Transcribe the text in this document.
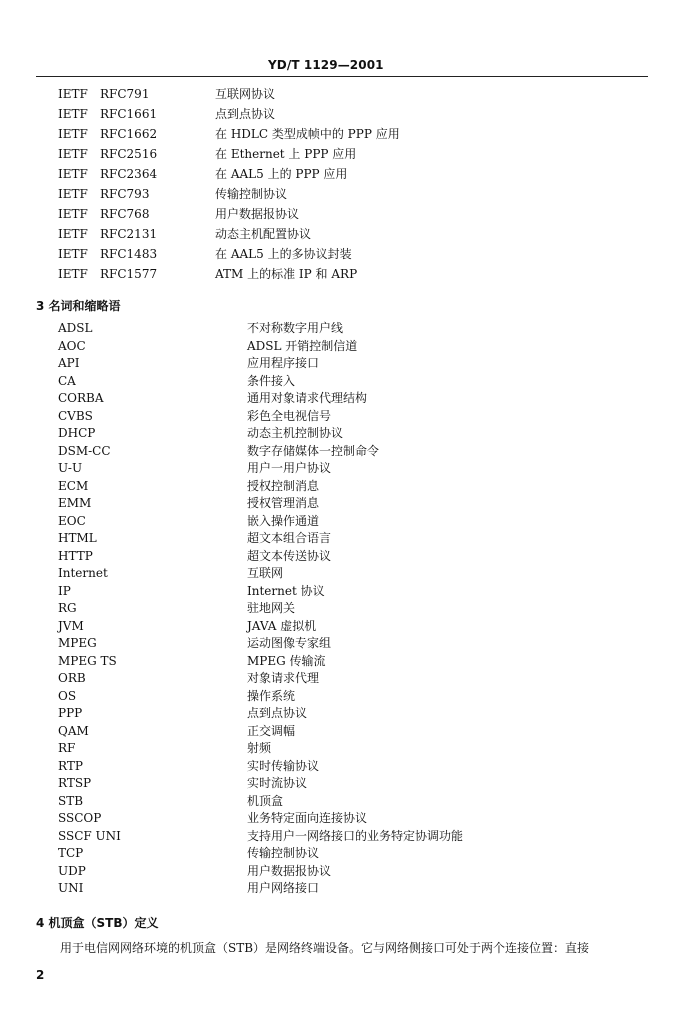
YD/T 1129—2001
IETF RFC791	互联网协议
IETF RFC1661	点到点协议
IETF RFC1662	在 HDLC 类型成帧中的 PPP 应用
IETF RFC2516	在 Ethernet 上 PPP 应用
IETF RFC2364	在 AAL5 上的 PPP 应用
IETF RFC793	传输控制协议
IETF RFC768	用户数据报协议
IETF RFC2131	动态主机配置协议
IETF RFC1483	在 AAL5 上的多协议封装
IETF RFC1577	ATM 上的标准 IP 和 ARP
3 名词和缩略语
ADSL	不对称数字用户线
AOC	ADSL 开销控制信道
API	应用程序接口
CA	条件接入
CORBA	通用对象请求代理结构
CVBS	彩色全电视信号
DHCP	动态主机控制协议
DSM-CC	数字存储媒体一控制命令
U-U	用户一用户协议
ECM	授权控制消息
EMM	授权管理消息
EOC	嵌入操作通道
HTML	超文本组合语言
HTTP	超文本传送协议
Internet	互联网
IP	Internet 协议
RG	驻地网关
JVM	JAVA 虚拟机
MPEG	运动图像专家组
MPEG TS	MPEG 传输流
ORB	对象请求代理
OS	操作系统
PPP	点到点协议
QAM	正交调幅
RF	射频
RTP	实时传输协议
RTSP	实时流协议
STB	机顶盒
SSCOP	业务特定面向连接协议
SSCF UNI	支持用户一网络接口的业务特定协调功能
TCP	传输控制协议
UDP	用户数据报协议
UNI	用户网络接口
4 机顶盒（STB）定义
用于电信网网络环境的机顶盒（STB）是网络终端设备。它与网络侧接口可处于两个连接位置：直接
2
